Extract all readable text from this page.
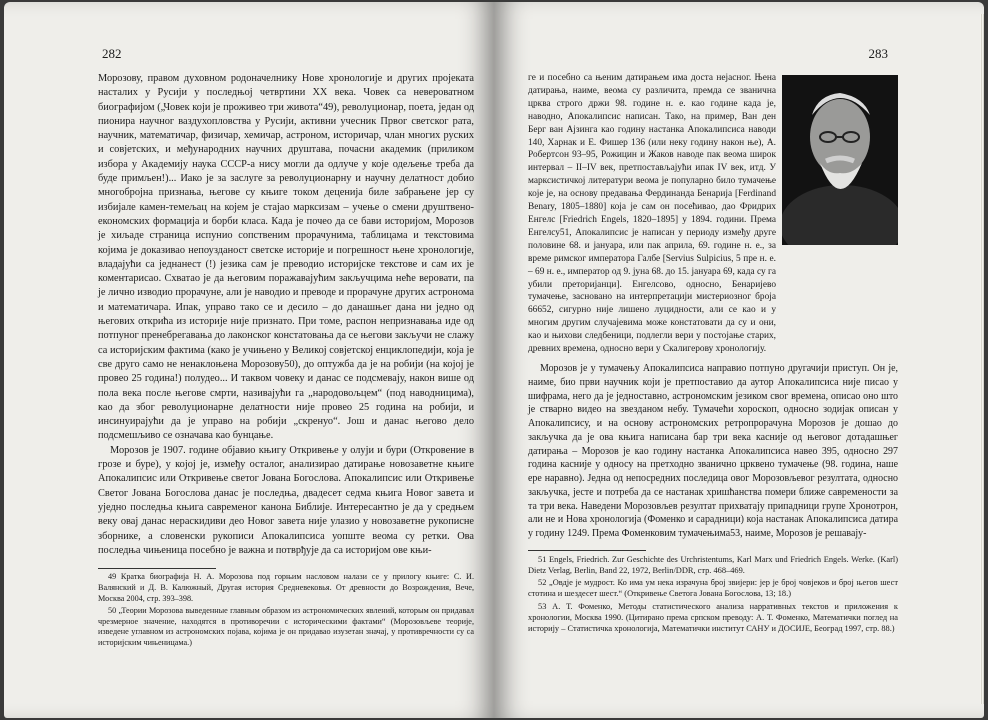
282

Морозову, правом духовном родоначелнику Нове хронологије и других пројеката насталих у Русији у последњој четвртини XX века. Човек са невероватном биографијом („Човек који је проживео три живота“49), револуционар, поета, један од пионира научног ваздухопловства у Русији, активни учесник Првог светског рата, научник, математичар, физичар, хемичар, астроном, историчар, члан многих руских и совјетских, и међународних научних друштава, почасни академик (приликом избора у Академију наука СССР-а нису могли да одлуче у које одељење треба да буде примљен!)... Иако је за заслуге за револуционарну и научну делатност добио многобројна признања, његове су књиге током деценија биле забрањене јер су избијале камен-темељац на којем је стајао марксизам – учење о смени друштвено-економских формација и борби класа. Када је почео да се бави историјом, Морозов је хиљаде страница испунио сопственим прорачунима, таблицама и текстовима којима је доказивао непоузданост светске историје и погрешност њене хронологије, владајући са једнанест (!) језика сам је преводио историјске текстове и сам их је коментарисао. Схватао је да његовим поражавајућим закључцима неће веровати, па је лично изводио прорачуне, али је наводио и преводе и прорачуне других астронома и математичара. Ипак, управо тако се и десило – до данашњег дана ни једно од његових открића из историје није признато. При томе, распон непризнавања иде од потпуног пренебрегавања до лаконског констатовања да се његови закључи не слажу са историјским фактима (како је учињено у Великој совјетској енциклопедији, која је све друго само не ненаклоњена Морозову50), до оптужба да је на робији (на којој је провео 25 година!) полудео... И таквом човеку и данас се подсмевају, након више од пола века после његове смрти, називајући га „народовољцем“ (под наводницима), као да због револуционарне делатности није провео 25 година на робији, и инсинуирајући да је управо на робији „скренуо“. Још и данас његово дело подсмешљиво се означава као бунцање.

Морозов је 1907. године објавио књигу Откривење у олуји и бури (Откровение в грозе и буре), у којој је, између осталог, анализирао датирање новозаветне књиге Апокалипсис или Откривење светог Јована Богослова. Апокалипсис или Откривење Светог Јована Богослова данас је последња, двадесет седма књига Новог завета и уједно последња књига савременог канона Библије. Интересантно је да у средњем веку овај данас нераскидиви део Новог завета није улазио у новозаветне рукописне зборнике, а словенски рукописи Апокалипсиса уопште веома су ретки. Ова последња чињеница посебно је важна и потврђује да са историјом ове књи-

49 Кратка биографија Н. А. Морозова под горњим насловом налази се у прилогу књиге: С. И. Валянский и Д. В. Калюжный, Другая история Средневековья. От древности до Возрождения, Вече, Москва 2004, стр. 393–398.

50 „Теории Морозова выведенные главным образом из астрономических явлений, которым он придавал чрезмерное значение, находятся в противоречии с историческими фактами“ (Морозовљеве теорије, изведене углавном из астрономских појава, којима је он придавао изузетан значај, у противречности су са историјским чињеницама.)

283

ге и посебно са њеним датирањем има доста нејасног. Њена датирања, наиме, веома су различита, премда се званична црква строго држи 98. године н. е. као године када је, наводно, Апокалипсис написан. Тако, на пример, Ван ден Берг ван Ајзинга као годину настанка Апокалипсиса наводи 140, Харнак и Е. Фишер 136 (или неку годину након ње), А. Робертсон 93–95, Рожицин и Жаков наводе пак веома широк интервал – II–IV век, претпостављајући ипак IV век, итд. У марксистичкој литератури веома је популарно било тумачење које је, на основу предавања Фердинанда Бенарија [Ferdinand Benary, 1805–1880] која је сам он посећивао, дао Фридрих Енгелс [Friedrich Engels, 1820–1895] у 1894. години. Према Енгелсу51, Апокалипсис је написан у периоду између друге половине 68. и јануара, или пак априла, 69. године н. е., за време римског императора Галбе [Servius Sulpicius, 5 пре н. е. – 69 н. е., император од 9. јуна 68. до 15. јануара 69, када су га убили преторијанци]. Енгелсово, односно, Бенаријево тумачење, засновано на интерпретацији мистериозног броја 66652, сигурно није лишено луцидности, али се као и у многим другим случајевима може констатовати да су и они, као и њихови следбеници, подлегли вери у постојање старих, древних времена, односно вери у Скалигерову хронологију.

Морозов је у тумачењу Апокалипсиса направио потпуно другачији приступ. Он је, наиме, био први научник који је претпоставио да аутор Апокалипсиса није писао у шифрама, него да је једноставно, астрономским језиком свог времена, описао оно што је стварно видео на звезданом небу. Тумачећи хороскоп, односно зодијак описан у Апокалипсису, и на основу астрономских ретропрорачуна Морозов је дошао до закључка да је ова књига написана бар три века касније од његовог дотадашњег датирања – Морозов је као годину настанка Апокалипсиса навео 395, односно 297 година касније у односу на претходно званично црквено тумачење (98. година, наше ере наравно). Једна од непосредних последица овог Морозовљевог резултата, односно закључка, јесте и потреба да се настанак хришћанства помери ближе савремености за та три века. Наведени Морозовљев резултат прихватају припадници групе Хронотрон, али не и Нова хронологија (Фоменко и сарадници) која настанак Апокалипсиса датира у годину 1249. Према Фоменковим тумачењима53, наиме, Морозов је решавају-

51 Engels, Friedrich. Zur Geschichte des Urchristentums, Karl Marx und Friedrich Engels. Werke. (Karl) Dietz Verlag, Berlin, Band 22, 1972, Berlin/DDR, стр. 468–469.

52 „Овдје је мудрост. Ко има ум нека израчуна број звијери: јер је број човјеков и број његов шест стотина и шездесет шест.“ (Откривење Светога Јована Богослова, 13; 18.)

53 А. Т. Фоменко, Методы статистического анализа нарративных текстов и приложения к хронологии, Москва 1990. (Цитирано према српском преводу: А. Т. Фоменко, Математички поглед на историју – Статистичка хронологија, Математички институт САНУ и ДОСИЈЕ, Београд 1997, стр. 88.)
